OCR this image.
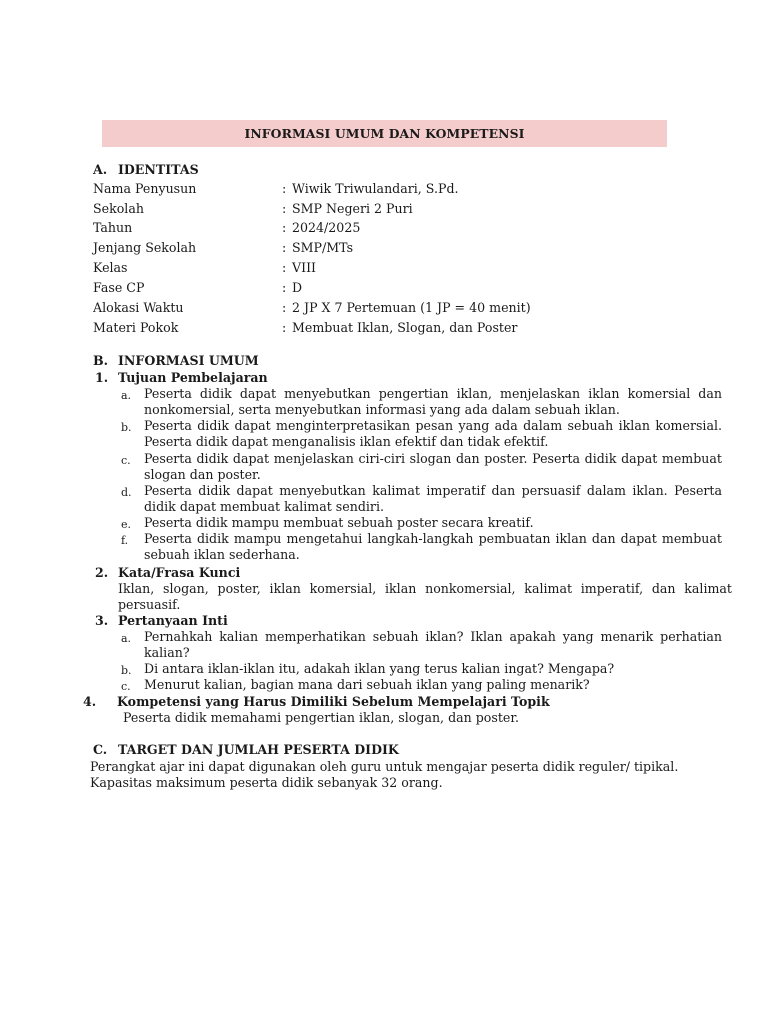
INFORMASI UMUM DAN KOMPETENSI
A. IDENTITAS
Nama Penyusun	: Wiwik Triwulandari, S.Pd.
Sekolah	: SMP Negeri 2 Puri
Tahun	: 2024/2025
Jenjang Sekolah	: SMP/MTs
Kelas	: VIII
Fase CP	: D
Alokasi Waktu	: 2 JP X 7 Pertemuan (1 JP = 40 menit)
Materi Pokok	: Membuat Iklan, Slogan, dan Poster
B. INFORMASI UMUM
1. Tujuan Pembelajaran
a. Peserta didik dapat menyebutkan pengertian iklan, menjelaskan iklan komersial dan nonkomersial, serta menyebutkan informasi yang ada dalam sebuah iklan.
b. Peserta didik dapat menginterpretasikan pesan yang ada dalam sebuah iklan komersial. Peserta didik dapat menganalisis iklan efektif dan tidak efektif.
c. Peserta didik dapat menjelaskan ciri-ciri slogan dan poster. Peserta didik dapat membuat slogan dan poster.
d. Peserta didik dapat menyebutkan kalimat imperatif dan persuasif dalam iklan. Peserta didik dapat membuat kalimat sendiri.
e. Peserta didik mampu membuat sebuah poster secara kreatif.
f. Peserta didik mampu mengetahui langkah-langkah pembuatan iklan dan dapat membuat sebuah iklan sederhana.
2. Kata/Frasa Kunci
Iklan, slogan, poster, iklan komersial, iklan nonkomersial, kalimat imperatif, dan kalimat persuasif.
3. Pertanyaan Inti
a. Pernahkah kalian memperhatikan sebuah iklan? Iklan apakah yang menarik perhatian kalian?
b. Di antara iklan-iklan itu, adakah iklan yang terus kalian ingat? Mengapa?
c. Menurut kalian, bagian mana dari sebuah iklan yang paling menarik?
4. Kompetensi yang Harus Dimiliki Sebelum Mempelajari Topik
Peserta didik memahami pengertian iklan, slogan, dan poster.
C. TARGET DAN JUMLAH PESERTA DIDIK
Perangkat ajar ini dapat digunakan oleh guru untuk mengajar peserta didik reguler/ tipikal. Kapasitas maksimum peserta didik sebanyak 32 orang.
